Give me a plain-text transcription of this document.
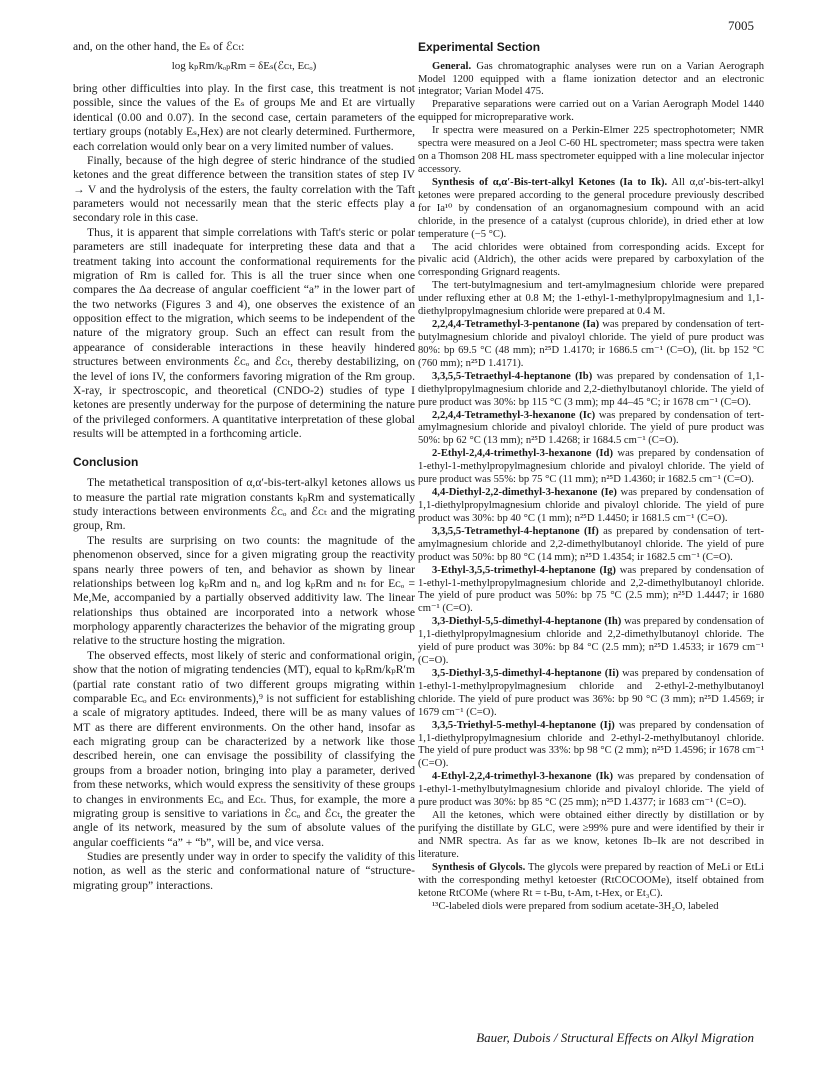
7005

and, on the other hand, the Eₛ of ℰᴄₜ:

log kₚRm/kₒₚRm = δEₛ(ℰᴄₜ, Eᴄₒ)

bring other difficulties into play. In the first case, this treatment is not possible, since the values of the Eₛ of groups Me and Et are virtually identical (0.00 and 0.07). In the second case, certain parameters of the tertiary groups (notably Eₛ,Hex) are not clearly determined. Furthermore, each correlation would only bear on a very limited number of values.

Finally, because of the high degree of steric hindrance of the studied ketones and the great difference between the transition states of step IV → V and the hydrolysis of the esters, the faulty correlation with the Taft parameters would not necessarily mean that the steric effects play a secondary role in this case.

Thus, it is apparent that simple correlations with Taft's steric or polar parameters are still inadequate for interpreting these data and that a treatment taking into account the conformational requirements for the migration of Rm is called for. This is all the truer since when one compares the Δa decrease of angular coefficient “a” in the lower part of the two networks (Figures 3 and 4), one observes the existence of an opposition effect to the migration, which seems to be independent of the nature of the migratory group. Such an effect can result from the appearance of considerable interactions in these heavily hindered structures between environments ℰᴄₒ and ℰᴄₜ, thereby destabilizing, on the level of ions IV, the conformers favoring migration of the Rm group. X-ray, ir spectroscopic, and theoretical (CNDO-2) studies of type I ketones are presently underway for the purpose of determining the nature of the privileged conformers. A quantitative interpretation of these global results will be attempted in a forthcoming article.

Conclusion

The metathetical transposition of α,α′-bis-tert-alkyl ketones allows us to measure the partial rate migration constants kₚRm and systematically study interactions between environments ℰᴄₒ and ℰᴄₜ and the migrating group, Rm.

The results are surprising on two counts: the magnitude of the phenomenon observed, since for a given migrating group the reactivity spans nearly three powers of ten, and behavior as shown by linear relationships between log kₚRm and nₒ and log kₚRm and nₜ for Eᴄₒ = Me,Me, accompanied by a partially observed additivity law. The linear relationships thus obtained are incorporated into a network whose morphology apparently characterizes the behavior of the migrating group relative to the structure hosting the migration.

The observed effects, most likely of steric and conformational origin, show that the notion of migrating tendencies (MT), equal to kₚRm/kₚR′m (partial rate constant ratio of two different groups migrating within comparable Eᴄₒ and Eᴄₜ environments),⁹ is not sufficient for establishing a scale of migratory aptitudes. Indeed, there will be as many values of MT as there are different environments. On the other hand, insofar as each migrating group can be characterized by a network like those described herein, one can envisage the possibility of classifying the groups from a broader notion, bringing into play a parameter, derived from these networks, which would express the sensitivity of these groups to changes in environments Eᴄₒ and Eᴄₜ. Thus, for example, the more a migrating group is sensitive to variations in ℰᴄₒ and ℰᴄₜ, the greater the angle of its network, measured by the sum of absolute values of the angular coefficients “a” + “b”, will be, and vice versa.

Studies are presently under way in order to specify the validity of this notion, as well as the steric and conformational nature of “structure-migrating group” interactions.

Experimental Section

General. Gas chromatographic analyses were run on a Varian Aerograph Model 1200 equipped with a flame ionization detector and an electronic integrator; Varian Model 475.

Preparative separations were carried out on a Varian Aerograph Model 1440 equipped for micropreparative work.

Ir spectra were measured on a Perkin-Elmer 225 spectrophotometer; NMR spectra were measured on a Jeol C-60 HL spectrometer; mass spectra were taken on a Thomson 208 HL mass spectrometer equipped with a line molecular injector accessory.

Synthesis of α,α′-Bis-tert-alkyl Ketones (Ia to Ik). All α,α′-bis-tert-alkyl ketones were prepared according to the general procedure previously described for Ia¹⁰ by condensation of an organomagnesium compound with an acid chloride, in the presence of a catalyst (cuprous chloride), in dried ether at low temperature (−5 °C).

The acid chlorides were obtained from corresponding acids. Except for pivalic acid (Aldrich), the other acids were prepared by carboxylation of the corresponding Grignard reagents.

The tert-butylmagnesium and tert-amylmagnesium chloride were prepared under refluxing ether at 0.8 M; the 1-ethyl-1-methylpropylmagnesium and 1,1-diethylpropylmagnesium chloride were prepared at 0.4 M.

2,2,4,4-Tetramethyl-3-pentanone (Ia) was prepared by condensation of tert-butylmagnesium chloride and pivaloyl chloride. The yield of pure product was 80%: bp 69.5 °C (48 mm); n²⁵D 1.4170; ir 1686.5 cm⁻¹ (C=O), (lit. bp 152 °C (760 mm); n²⁵D 1.4171).

3,3,5,5-Tetraethyl-4-heptanone (Ib) was prepared by condensation of 1,1-diethylpropylmagnesium chloride and 2,2-diethylbutanoyl chloride. The yield of pure product was 30%: bp 115 °C (3 mm); mp 44–45 °C; ir 1678 cm⁻¹ (C=O).

2,2,4,4-Tetramethyl-3-hexanone (Ic) was prepared by condensation of tert-amylmagnesium chloride and pivaloyl chloride. The yield of pure product was 50%: bp 62 °C (13 mm); n²⁵D 1.4268; ir 1684.5 cm⁻¹ (C=O).

2-Ethyl-2,4,4-trimethyl-3-hexanone (Id) was prepared by condensation of 1-ethyl-1-methylpropylmagnesium chloride and pivaloyl chloride. The yield of pure product was 55%: bp 75 °C (11 mm); n²⁵D 1.4360; ir 1682.5 cm⁻¹ (C=O).

4,4-Diethyl-2,2-dimethyl-3-hexanone (Ie) was prepared by condensation of 1,1-diethylpropylmagnesium chloride and pivaloyl chloride. The yield of pure product was 30%: bp 40 °C (1 mm); n²⁵D 1.4450; ir 1681.5 cm⁻¹ (C=O).

3,3,5,5-Tetramethyl-4-heptanone (If) as prepared by condensation of tert-amylmagnesium chloride and 2,2-dimethylbutanoyl chloride. The yield of pure product was 50%: bp 80 °C (14 mm); n²⁵D 1.4354; ir 1682.5 cm⁻¹ (C=O).

3-Ethyl-3,5,5-trimethyl-4-heptanone (Ig) was prepared by condensation of 1-ethyl-1-methylpropylmagnesium chloride and 2,2-dimethylbutanoyl chloride. The yield of pure product was 50%: bp 75 °C (2.5 mm); n²⁵D 1.4447; ir 1680 cm⁻¹ (C=O).

3,3-Diethyl-5,5-dimethyl-4-heptanone (Ih) was prepared by condensation of 1,1-diethylpropylmagnesium chloride and 2,2-dimethylbutanoyl chloride. The yield of pure product was 30%: bp 84 °C (2.5 mm); n²⁵D 1.4533; ir 1679 cm⁻¹ (C=O).

3,5-Diethyl-3,5-dimethyl-4-heptanone (Ii) was prepared by condensation of 1-ethyl-1-methylpropylmagnesium chloride and 2-ethyl-2-methylbutanoyl chloride. The yield of pure product was 36%: bp 90 °C (3 mm); n²⁵D 1.4569; ir 1679 cm⁻¹ (C=O).

3,3,5-Triethyl-5-methyl-4-heptanone (Ij) was prepared by condensation of 1,1-diethylpropylmagnesium chloride and 2-ethyl-2-methylbutanoyl chloride. The yield of pure product was 33%: bp 98 °C (2 mm); n²⁵D 1.4596; ir 1678 cm⁻¹ (C=O).

4-Ethyl-2,2,4-trimethyl-3-hexanone (Ik) was prepared by condensation of 1-ethyl-1-methylbutylmagnesium chloride and pivaloyl chloride. The yield of pure product was 30%: bp 85 °C (25 mm); n²⁵D 1.4377; ir 1683 cm⁻¹ (C=O).

All the ketones, which were obtained either directly by distillation or by purifying the distillate by GLC, were ≥99% pure and were identified by their ir and NMR spectra. As far as we know, ketones Ib–Ik are not described in literature.

Synthesis of Glycols. The glycols were prepared by reaction of MeLi or EtLi with the corresponding methyl ketoester (RtCOCOOMe), itself obtained from ketone RtCOMe (where Rt = t-Bu, t-Am, t-Hex, or Et₃C).

¹³C-labeled diols were prepared from sodium acetate-3H₂O, labeled

Bauer, Dubois / Structural Effects on Alkyl Migration
